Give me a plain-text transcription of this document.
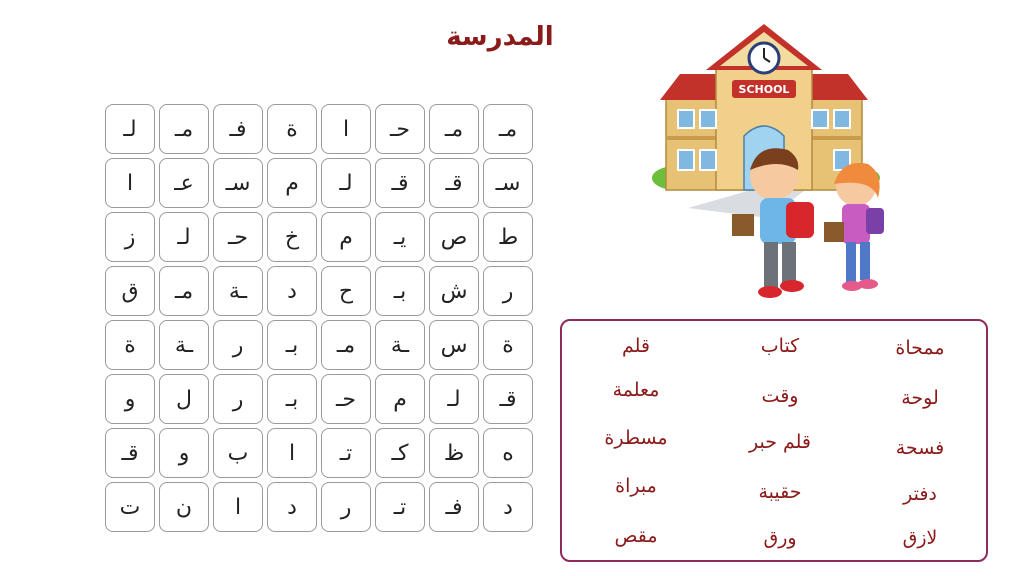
المدرسة
مـ
مـ
حـ
ا
ة
فـ
مـ
لـ
سـ
قـ
قـ
لـ
م
سـ
عـ
ا
ط
ص
يـ
م
خ
حـ
لـ
ز
ر
ش
بـ
ح
د
ـة
مـ
ق
ة
س
ـة
مـ
بـ
ر
ـة
ة
قـ
لـ
م
حـ
بـ
ر
ل
و
ه
ظ
كـ
تـ
ا
ب
و
قـ
د
فـ
تـ
ر
د
ا
ن
ت
SCHOOL
ممحاة
لوحة
فسحة
دفتر
لازق
كتاب
وقت
قلم حبر
حقيبة
ورق
قلم
معلمة
مسطرة
مبراة
مقص
